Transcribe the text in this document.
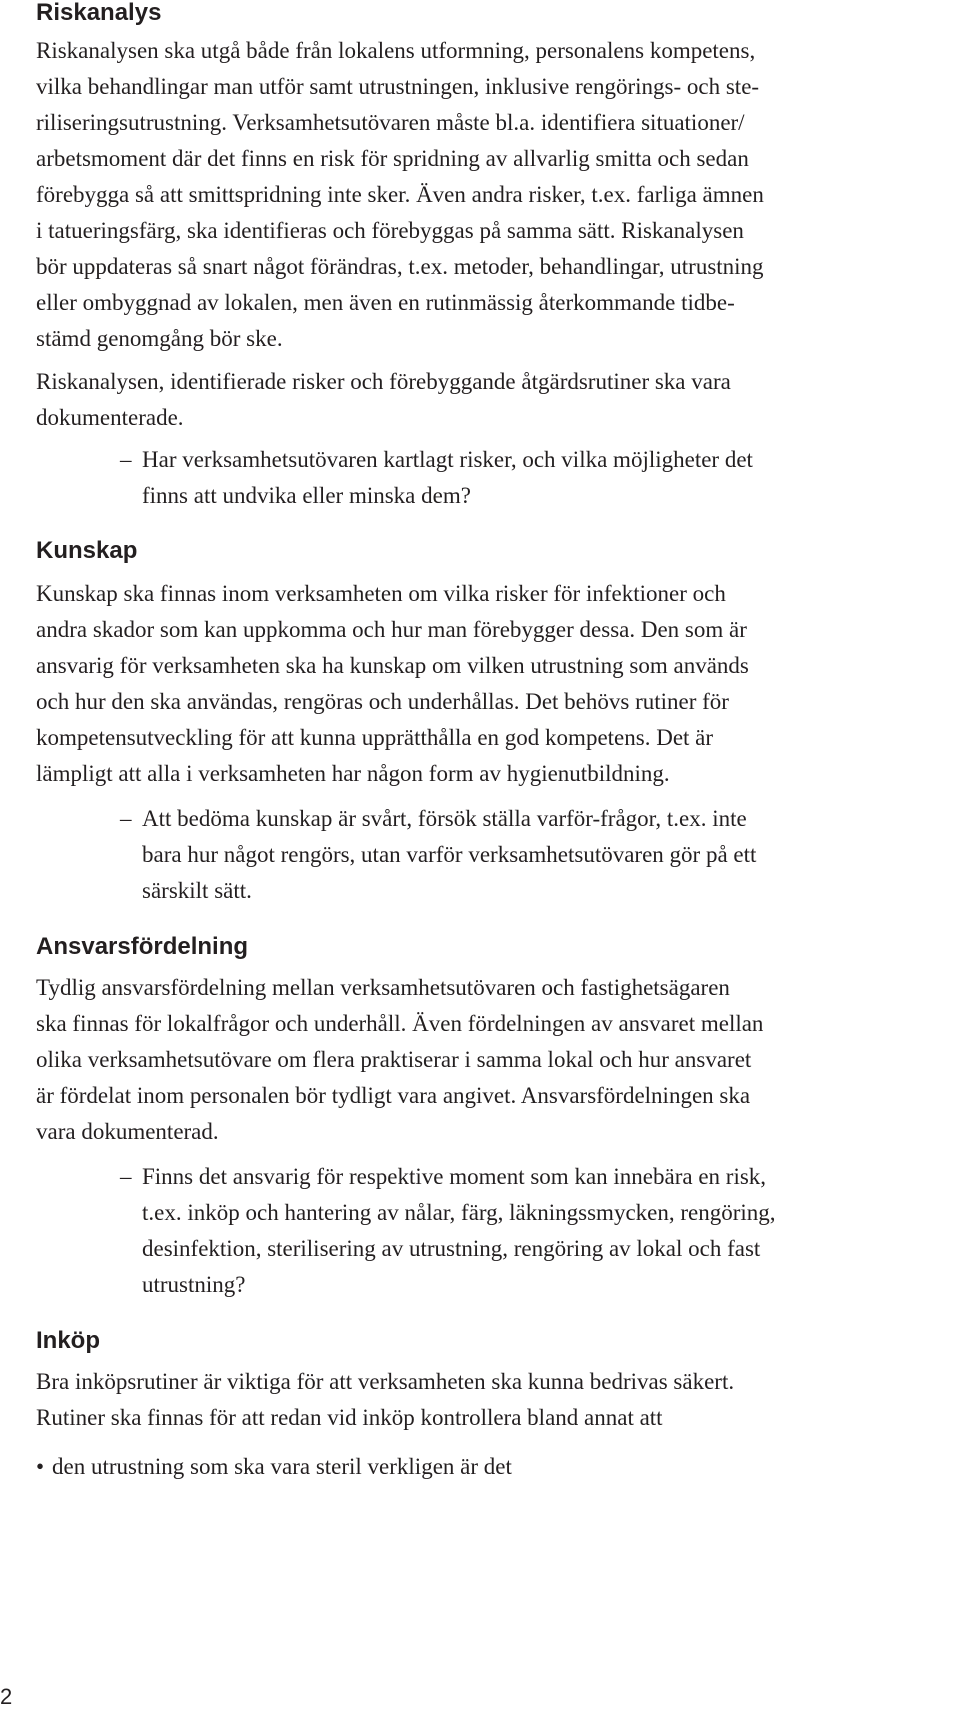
Riskanalys

Riskanalysen ska utgå både från lokalens utformning, personalens kompetens,
vilka behandlingar man utför samt utrustningen, inklusive rengörings- och ste-
riliseringsutrustning. Verksamhetsutövaren måste bl.a. identifiera situationer/
arbetsmoment där det finns en risk för spridning av allvarlig smitta och sedan
förebygga så att smittspridning inte sker. Även andra risker, t.ex. farliga ämnen
i tatueringsfärg, ska identifieras och förebyggas på samma sätt. Riskanalysen
bör uppdateras så snart något förändras, t.ex. metoder, behandlingar, utrustning
eller ombyggnad av lokalen, men även en rutinmässig återkommande tidbe-
stämd genomgång bör ske.

Riskanalysen, identifierade risker och förebyggande åtgärdsrutiner ska vara
dokumenterade.

– Har verksamhetsutövaren kartlagt risker, och vilka möjligheter det
finns att undvika eller minska dem?

Kunskap

Kunskap ska finnas inom verksamheten om vilka risker för infektioner och
andra skador som kan uppkomma och hur man förebygger dessa. Den som är
ansvarig för verksamheten ska ha kunskap om vilken utrustning som används
och hur den ska användas, rengöras och underhållas. Det behövs rutiner för
kompetensutveckling för att kunna upprätthålla en god kompetens. Det är
lämpligt att alla i verksamheten har någon form av hygienutbildning.

– Att bedöma kunskap är svårt, försök ställa varför-frågor, t.ex. inte
bara hur något rengörs, utan varför verksamhetsutövaren gör på ett
särskilt sätt.

Ansvarsfördelning

Tydlig ansvarsfördelning mellan verksamhetsutövaren och fastighetsägaren
ska finnas för lokalfrågor och underhåll. Även fördelningen av ansvaret mellan
olika verksamhetsutövare om flera praktiserar i samma lokal och hur ansvaret
är fördelat inom personalen bör tydligt vara angivet. Ansvarsfördelningen ska
vara dokumenterad.

– Finns det ansvarig för respektive moment som kan innebära en risk,
t.ex. inköp och hantering av nålar, färg, läkningssmycken, rengöring,
desinfektion, sterilisering av utrustning, rengöring av lokal och fast
utrustning?

Inköp

Bra inköpsrutiner är viktiga för att verksamheten ska kunna bedrivas säkert.
Rutiner ska finnas för att redan vid inköp kontrollera bland annat att

• den utrustning som ska vara steril verkligen är det

2
